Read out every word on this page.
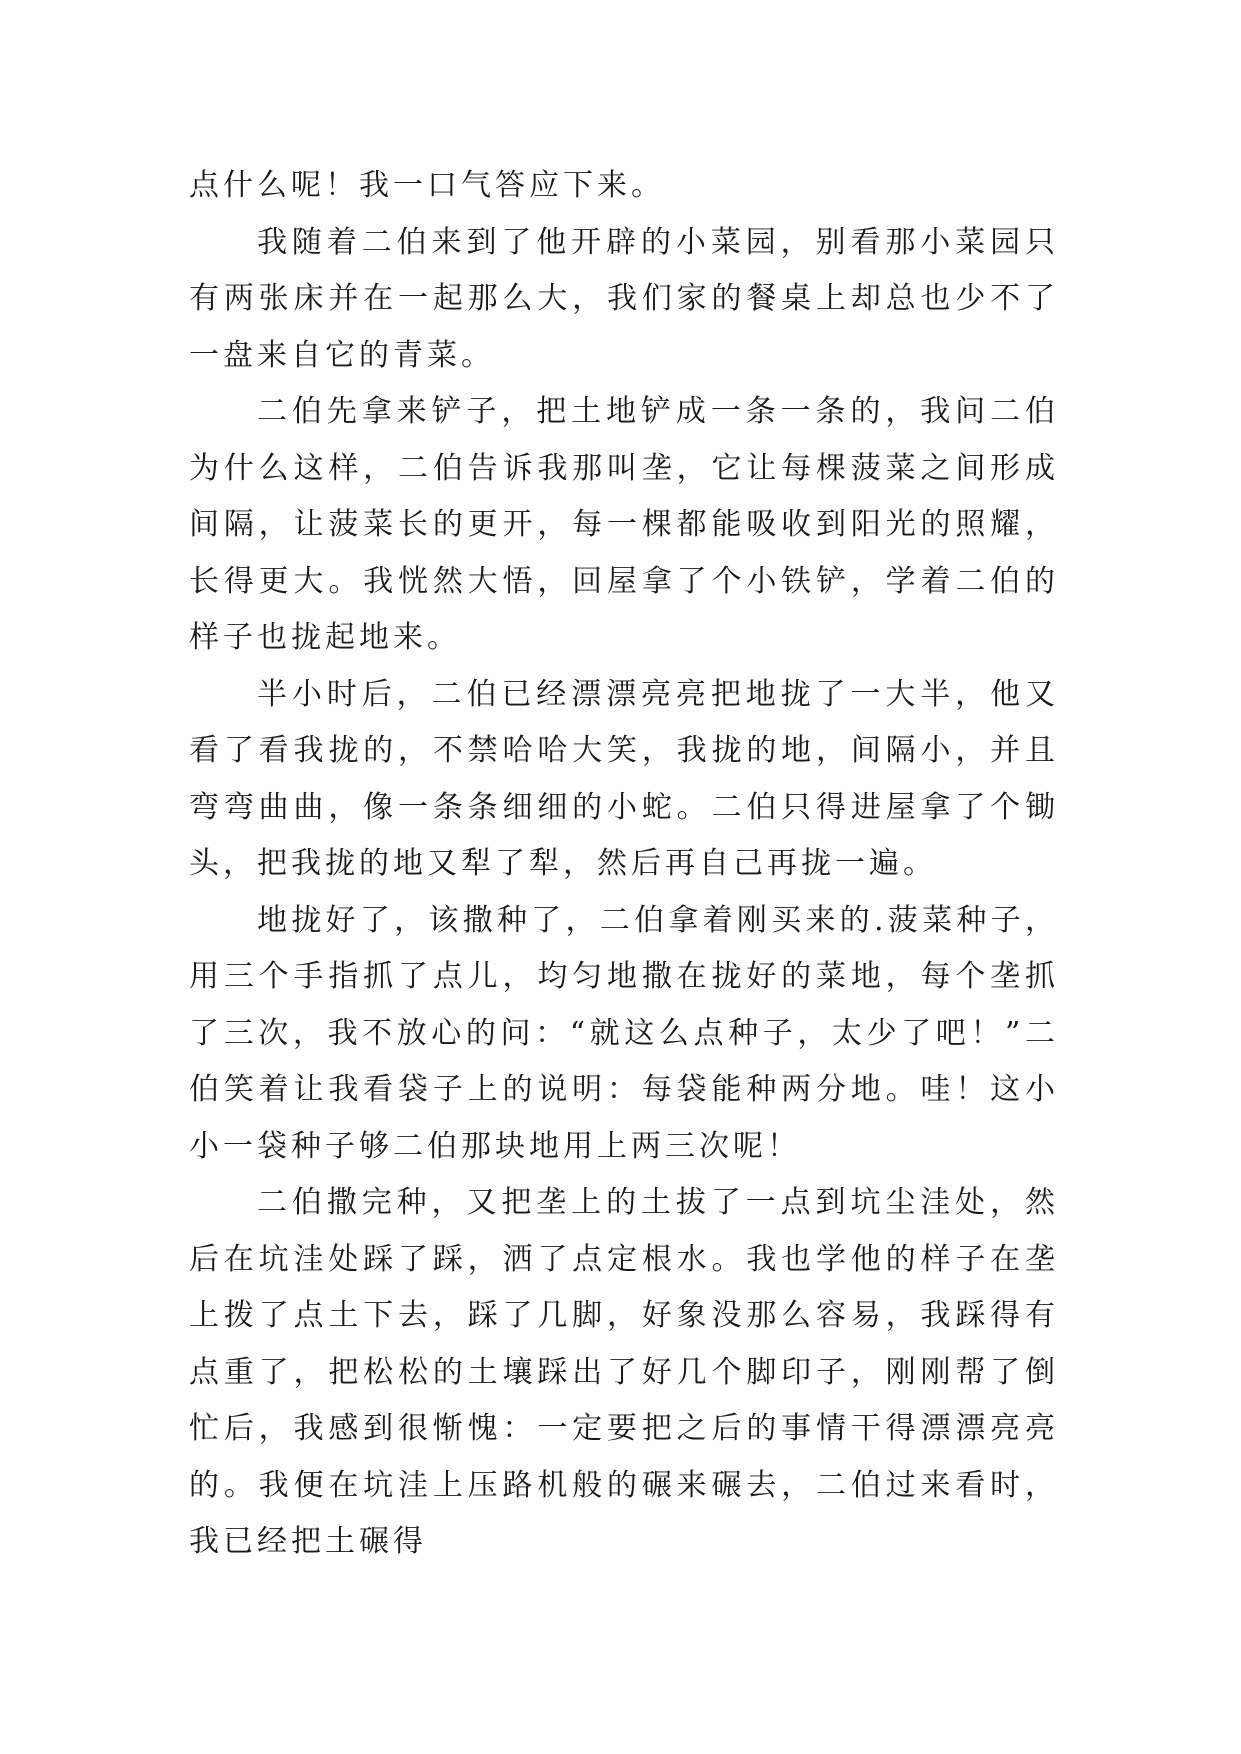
点什么呢！我一口气答应下来。

我随着二伯来到了他开辟的小菜园，别看那小菜园只有两张床并在一起那么大，我们家的餐桌上却总也少不了一盘来自它的青菜。

二伯先拿来铲子，把土地铲成一条一条的，我问二伯为什么这样，二伯告诉我那叫垄，它让每棵菠菜之间形成间隔，让菠菜长的更开，每一棵都能吸收到阳光的照耀，长得更大。我恍然大悟，回屋拿了个小铁铲，学着二伯的样子也拢起地来。

半小时后，二伯已经漂漂亮亮把地拢了一大半，他又看了看我拢的，不禁哈哈大笑，我拢的地，间隔小，并且弯弯曲曲，像一条条细细的小蛇。二伯只得进屋拿了个锄头，把我拢的地又犁了犁，然后再自己再拢一遍。

地拢好了，该撒种了，二伯拿着刚买来的.菠菜种子，用三个手指抓了点儿，均匀地撒在拢好的菜地，每个垄抓了三次，我不放心的问：“就这么点种子，太少了吧！”二伯笑着让我看袋子上的说明：每袋能种两分地。哇！这小小一袋种子够二伯那块地用上两三次呢！

二伯撒完种，又把垄上的土拔了一点到坑尘洼处，然后在坑洼处踩了踩，洒了点定根水。我也学他的样子在垄上拨了点土下去，踩了几脚，好象没那么容易，我踩得有点重了，把松松的土壤踩出了好几个脚印子，刚刚帮了倒忙后，我感到很惭愧：一定要把之后的事情干得漂漂亮亮的。我便在坑洼上压路机般的碾来碾去，二伯过来看时，我已经把土碾得
